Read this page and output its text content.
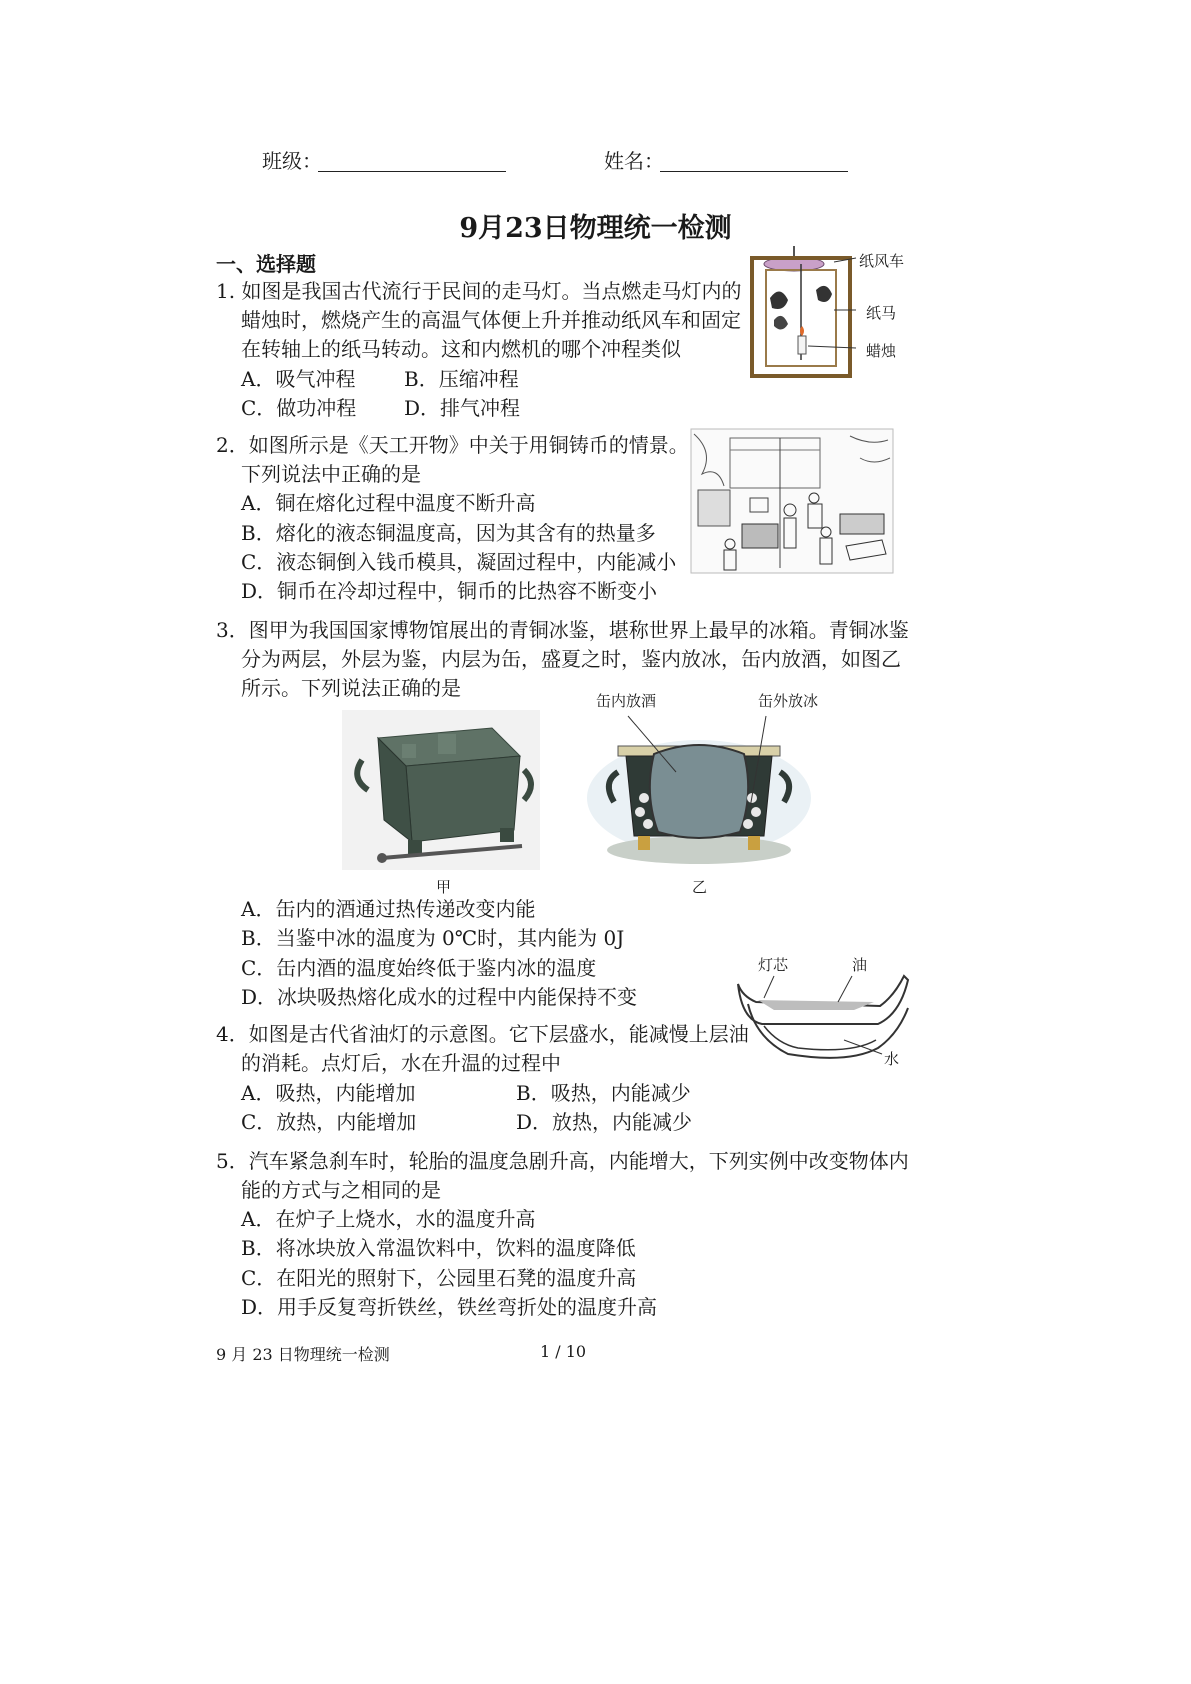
班级：	姓名：
9月23日物理统一检测
一、选择题
1. 如图是我国古代流行于民间的走马灯。当点燃走马灯内的
蜡烛时，燃烧产生的高温气体便上升并推动纸风车和固定
在转轴上的纸马转动。这和内燃机的哪个冲程类似
A．吸气冲程 B．压缩冲程
C．做功冲程 D．排气冲程
纸风车
纸马
蜡烛
2．如图所示是《天工开物》中关于用铜铸币的情景。
下列说法中正确的是
A．铜在熔化过程中温度不断升高
B．熔化的液态铜温度高，因为其含有的热量多
C．液态铜倒入钱币模具，凝固过程中，内能减小
D．铜币在冷却过程中，铜币的比热容不断变小
3．图甲为我国国家博物馆展出的青铜冰鉴，堪称世界上最早的冰箱。青铜冰鉴
分为两层，外层为鉴，内层为缶，盛夏之时，鉴内放冰，缶内放酒，如图乙
所示。下列说法正确的是
缶内放酒	缶外放冰
甲	乙
A．缶内的酒通过热传递改变内能
B．当鉴中冰的温度为 0℃时，其内能为 0J
C．缶内酒的温度始终低于鉴内冰的温度
D．冰块吸热熔化成水的过程中内能保持不变
4．如图是古代省油灯的示意图。它下层盛水，能减慢上层油
的消耗。点灯后，水在升温的过程中
A．吸热，内能增加	B．吸热，内能减少
C．放热，内能增加	D．放热，内能减少
灯芯	油
水
5．汽车紧急刹车时，轮胎的温度急剧升高，内能增大，下列实例中改变物体内
能的方式与之相同的是
A．在炉子上烧水，水的温度升高
B．将冰块放入常温饮料中，饮料的温度降低
C．在阳光的照射下，公园里石凳的温度升高
D．用手反复弯折铁丝，铁丝弯折处的温度升高
9 月 23 日物理统一检测	1 / 10
